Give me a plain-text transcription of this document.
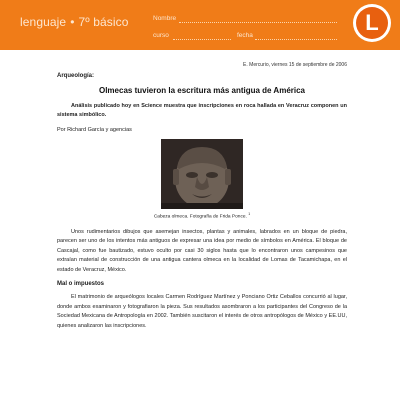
lenguaje • 7º básico	Nombre
curso	fecha
L
E. Mercurio, viernes 15 de septiembre de 2006
Arqueología:
Olmecas tuvieron la escritura más antigua de América
Análisis publicado hoy en Science muestra que inscripciones en roca hallada en Veracruz componen un sistema simbólico.
Por Richard García y agencias
Cabeza olmeca. Fotografía de Frida Ponce. $^1$
Unos rudimentarios dibujos que asemejan insectos, plantas y animales, labrados en un bloque de piedra, parecen ser uno de los intentos más antiguos de expresar una idea por medio de símbolos en América. El bloque de Cascajal, como fue bautizado, estuvo oculto por casi 30 siglos hasta que lo encontraron unos campesinos que extraían material de construcción de una antigua cantera olmeca en la localidad de Lomas de Tacamichapa, en el estado de Veracruz, México.
Mal o impuestos
El matrimonio de arqueólogos locales Carmen Rodríguez Martínez y Ponciano Ortiz Ceballos concurrió al lugar, donde ambos examinaron y fotografiaron la pieza. Sus resultados asombraron a los participantes del Congreso de la Sociedad Mexicana de Antropología en 2002. También suscitaron el interés de otros antropólogos de México y EE.UU, quienes analizaron las inscripciones.
